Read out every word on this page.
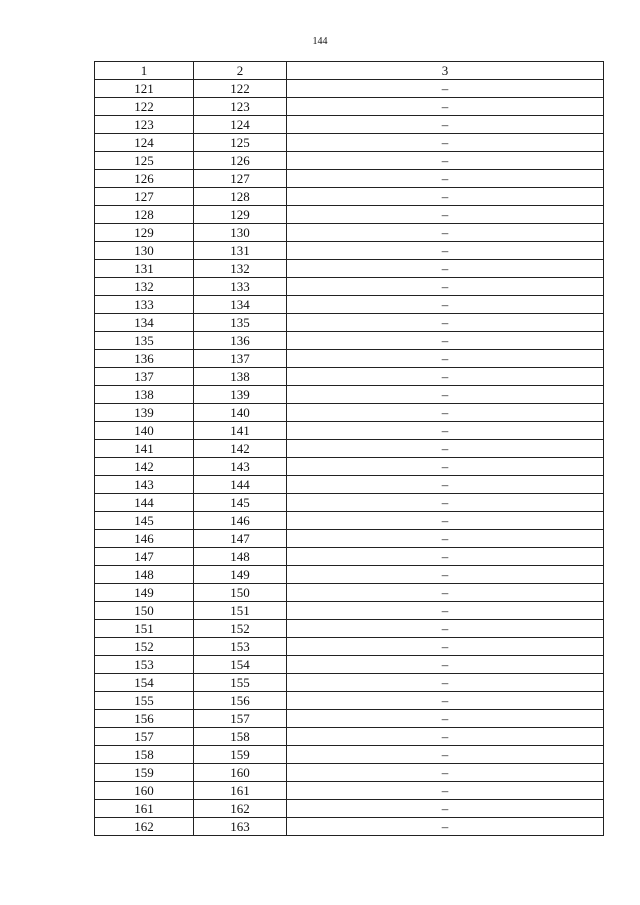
144
1	2	3
121	122	–
122	123	–
123	124	–
124	125	–
125	126	–
126	127	–
127	128	–
128	129	–
129	130	–
130	131	–
131	132	–
132	133	–
133	134	–
134	135	–
135	136	–
136	137	–
137	138	–
138	139	–
139	140	–
140	141	–
141	142	–
142	143	–
143	144	–
144	145	–
145	146	–
146	147	–
147	148	–
148	149	–
149	150	–
150	151	–
151	152	–
152	153	–
153	154	–
154	155	–
155	156	–
156	157	–
157	158	–
158	159	–
159	160	–
160	161	–
161	162	–
162	163	–
